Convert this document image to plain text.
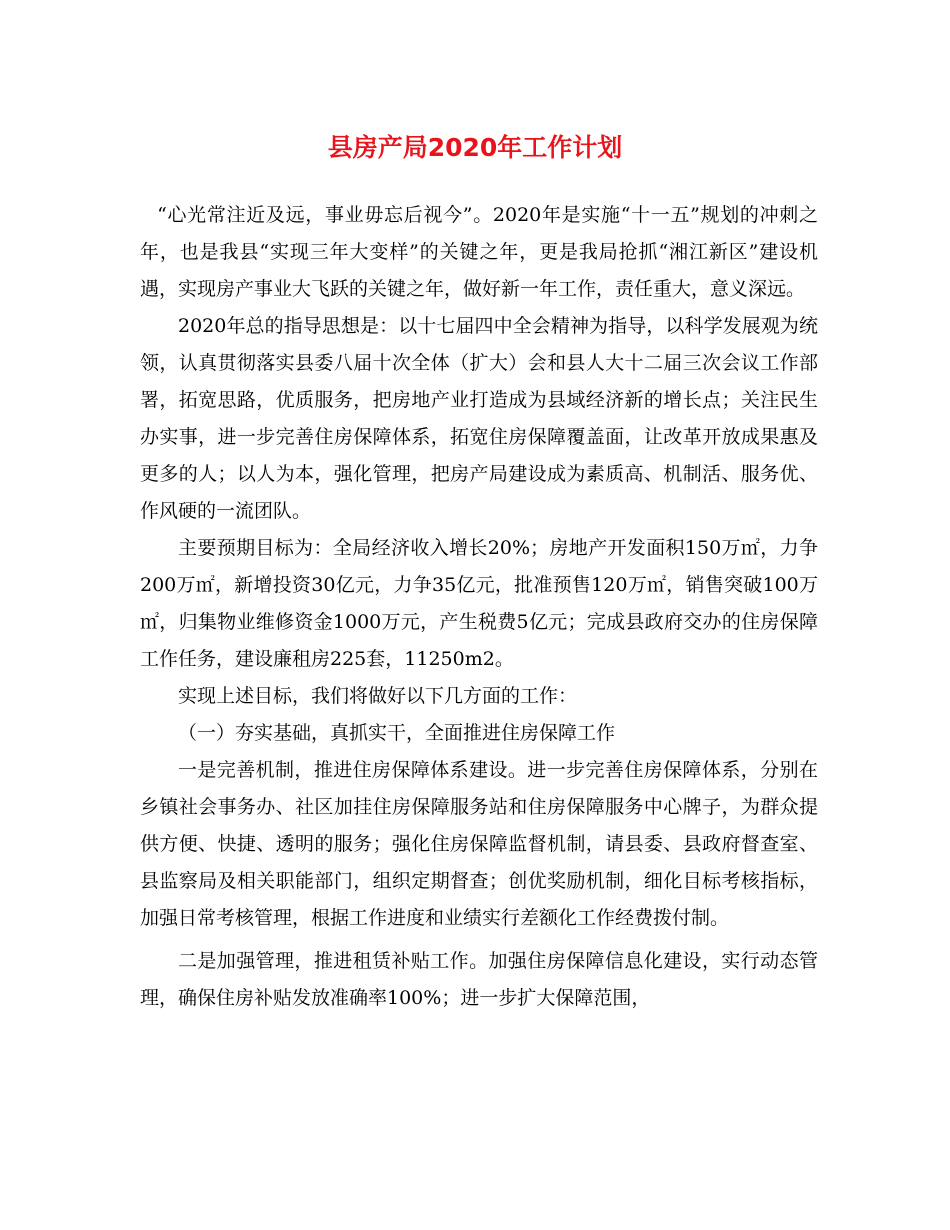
县房产局2020年工作计划

“心光常注近及远，事业毋忘后视今”。2020年是实施“十一五”规划的冲刺之年，也是我县“实现三年大变样”的关键之年，更是我局抢抓“湘江新区”建设机遇，实现房产事业大飞跃的关键之年，做好新一年工作，责任重大，意义深远。

2020年总的指导思想是：以十七届四中全会精神为指导，以科学发展观为统领，认真贯彻落实县委八届十次全体（扩大）会和县人大十二届三次会议工作部署，拓宽思路，优质服务，把房地产业打造成为县域经济新的增长点；关注民生办实事，进一步完善住房保障体系，拓宽住房保障覆盖面，让改革开放成果惠及更多的人；以人为本，强化管理，把房产局建设成为素质高、机制活、服务优、作风硬的一流团队。

主要预期目标为：全局经济收入增长20%；房地产开发面积150万㎡，力争200万㎡，新增投资30亿元，力争35亿元，批准预售120万㎡，销售突破100万㎡，归集物业维修资金1000万元，产生税费5亿元；完成县政府交办的住房保障工作任务，建设廉租房225套，11250m2。

实现上述目标，我们将做好以下几方面的工作：

（一）夯实基础，真抓实干，全面推进住房保障工作

一是完善机制，推进住房保障体系建设。进一步完善住房保障体系，分别在乡镇社会事务办、社区加挂住房保障服务站和住房保障服务中心牌子，为群众提供方便、快捷、透明的服务；强化住房保障监督机制，请县委、县政府督查室、县监察局及相关职能部门，组织定期督查；创优奖励机制，细化目标考核指标，加强日常考核管理，根据工作进度和业绩实行差额化工作经费拨付制。

二是加强管理，推进租赁补贴工作。加强住房保障信息化建设，实行动态管理，确保住房补贴发放准确率100%；进一步扩大保障范围，
